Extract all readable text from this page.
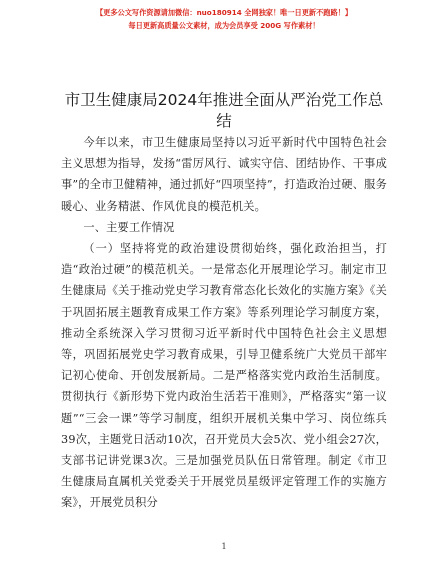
【更多公文写作资源请加微信：nuo180914 全网独家！唯一日更新不跑路！】
每日更新高质量公文素材，成为会员享受 200G 写作素材！
市卫生健康局2024年推进全面从严治党工作总结

今年以来，市卫生健康局坚持以习近平新时代中国特色社会主义思想为指导，发扬“雷厉风行、诚实守信、团结协作、干事成事”的全市卫健精神，通过抓好“四项坚持”，打造政治过硬、服务暖心、业务精湛、作风优良的模范机关。

一、主要工作情况

（一）坚持将党的政治建设贯彻始终，强化政治担当，打造“政治过硬”的模范机关。一是常态化开展理论学习。制定市卫生健康局《关于推动党史学习教育常态化长效化的实施方案》《关于巩固拓展主题教育成果工作方案》等系列理论学习制度方案，推动全系统深入学习贯彻习近平新时代中国特色社会主义思想等，巩固拓展党史学习教育成果，引导卫健系统广大党员干部牢记初心使命、开创发展新局。二是严格落实党内政治生活制度。贯彻执行《新形势下党内政治生活若干准则》，严格落实“第一议题”“三会一课”等学习制度，组织开展机关集中学习、岗位练兵39次，主题党日活动10次，召开党员大会5次、党小组会27次，支部书记讲党课3次。三是加强党员队伍日常管理。制定《市卫生健康局直属机关党委关于开展党员星级评定管理工作的实施方案》，开展党员积分

1
